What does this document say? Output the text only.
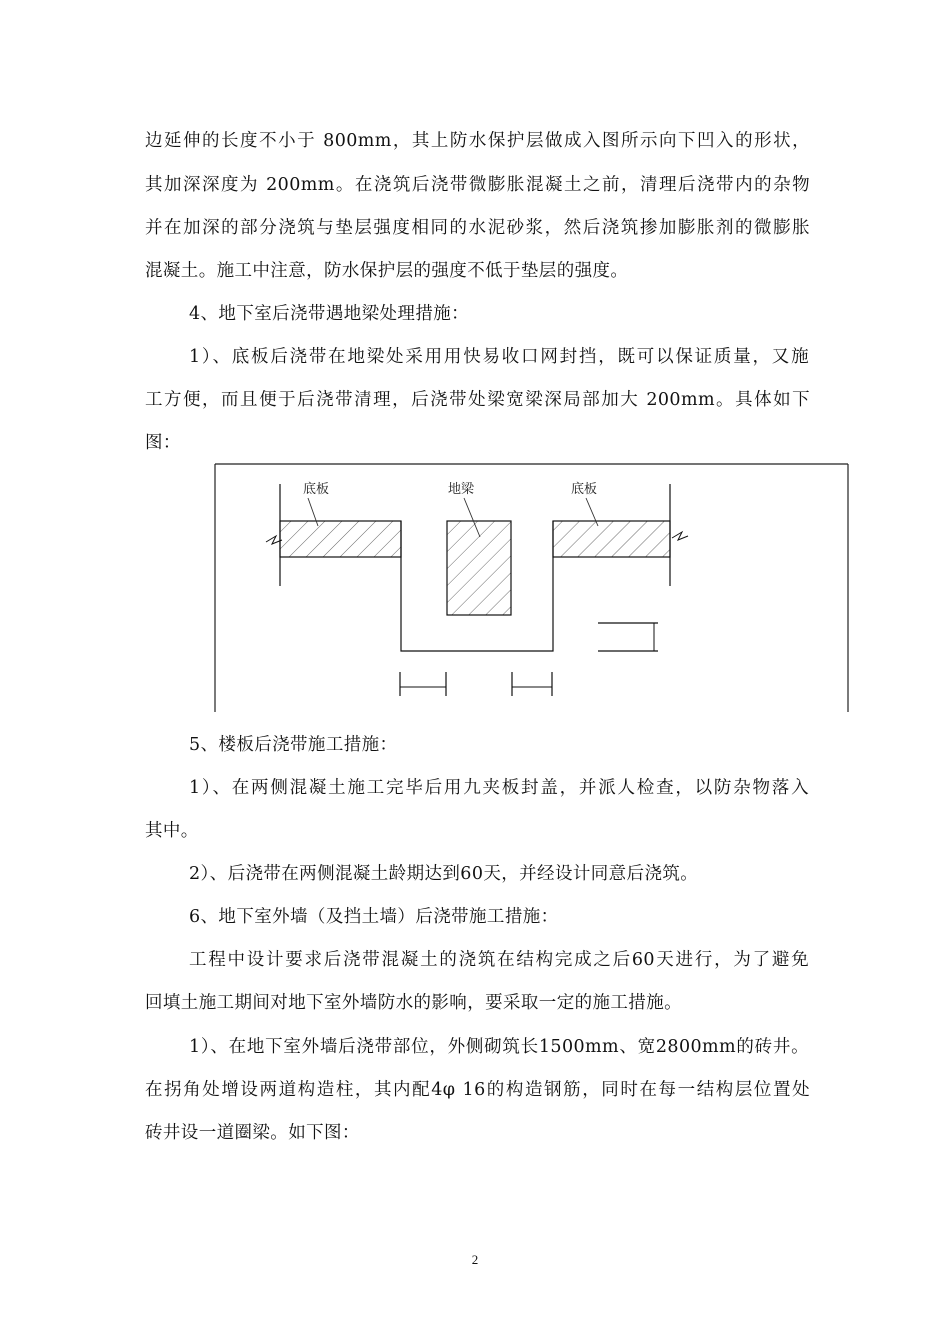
边延伸的长度不小于 800mm，其上防水保护层做成入图所示向下凹入的形状，
其加深深度为 200mm。在浇筑后浇带微膨胀混凝土之前，清理后浇带内的杂物
并在加深的部分浇筑与垫层强度相同的水泥砂浆，然后浇筑掺加膨胀剂的微膨胀
混凝土。施工中注意，防水保护层的强度不低于垫层的强度。
4、地下室后浇带遇地梁处理措施：
1）、底板后浇带在地梁处采用用快易收口网封挡，既可以保证质量，又施
工方便，而且便于后浇带清理，后浇带处梁宽梁深局部加大 200mm。具体如下
图：
底板	地梁	底板
5、楼板后浇带施工措施：
1）、在两侧混凝土施工完毕后用九夹板封盖，并派人检查，以防杂物落入
其中。
2）、后浇带在两侧混凝土龄期达到60天，并经设计同意后浇筑。
6、地下室外墙（及挡土墙）后浇带施工措施：
工程中设计要求后浇带混凝土的浇筑在结构完成之后60天进行，为了避免
回填土施工期间对地下室外墙防水的影响，要采取一定的施工措施。
1）、在地下室外墙后浇带部位，外侧砌筑长1500mm、宽2800mm的砖井。
在拐角处增设两道构造柱，其内配4φ 16的构造钢筋，同时在每一结构层位置处
砖井设一道圈梁。如下图：
2
